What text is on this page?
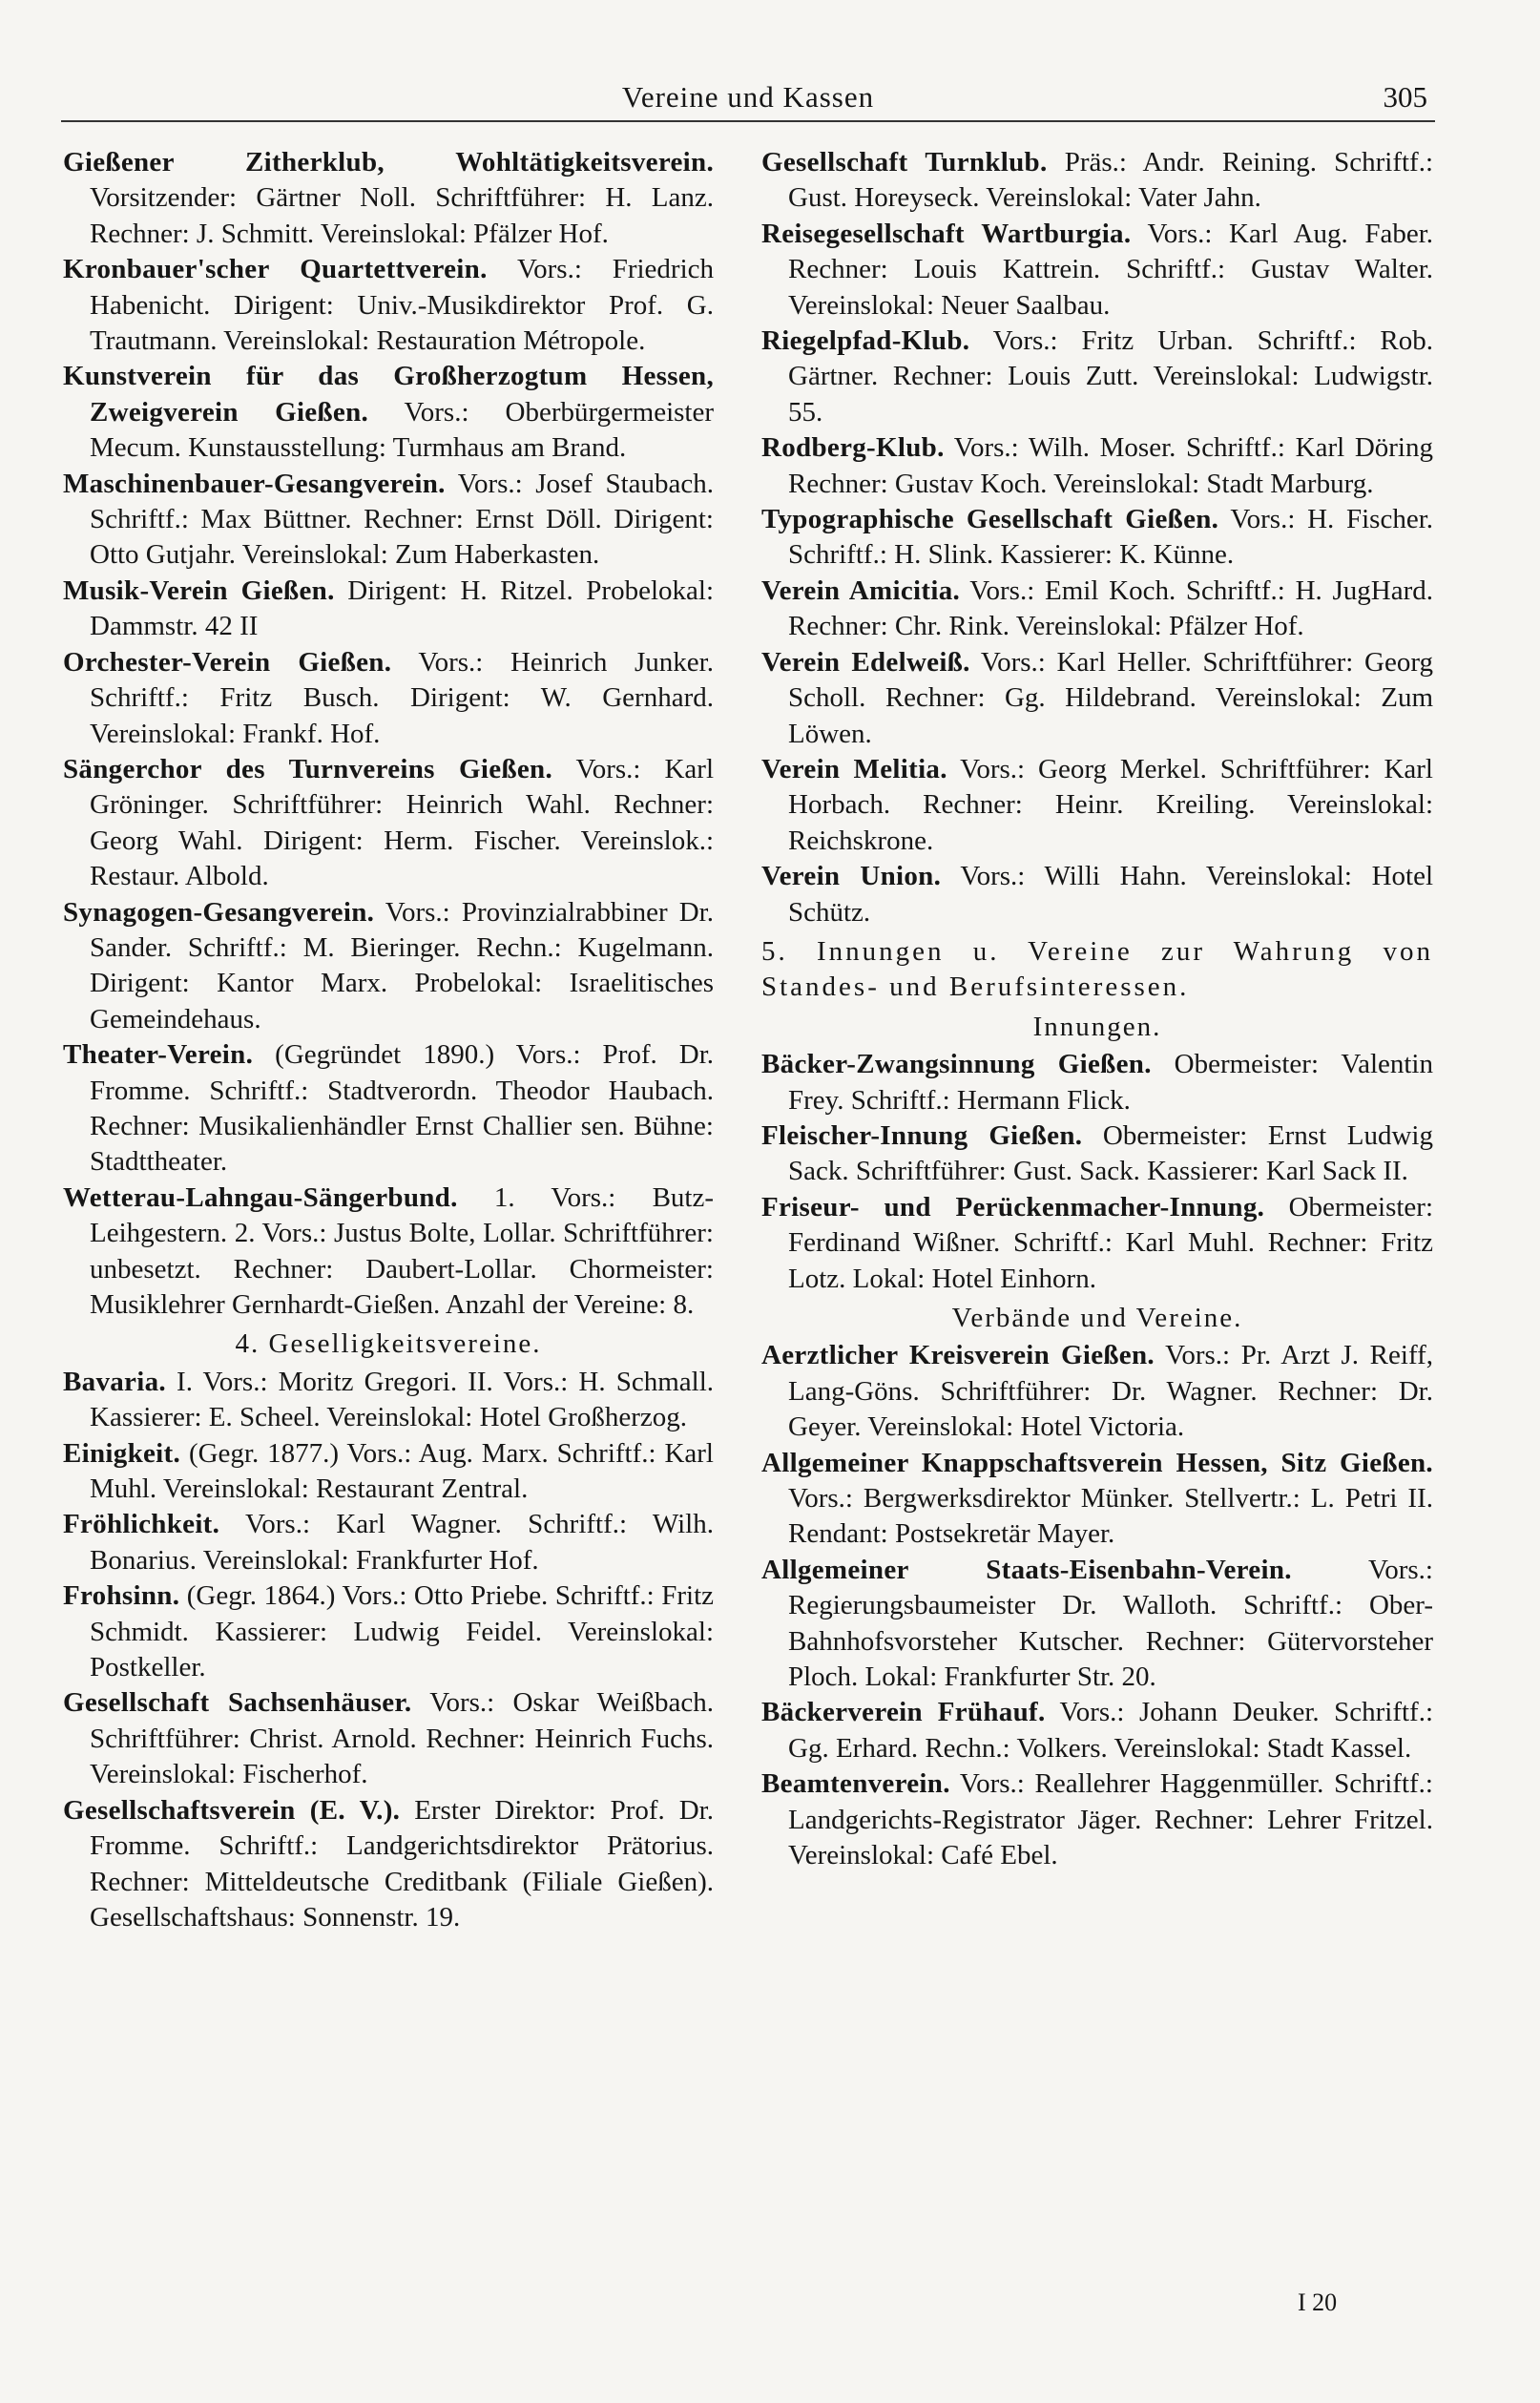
Vereine und Kassen	305

Gießener Zitherklub, Wohltätigkeitsverein. Vorsitzender: Gärtner Noll. Schriftführer: H. Lanz. Rechner: J. Schmitt. Vereinslokal: Pfälzer Hof.

Kronbauer'scher Quartettverein. Vors.: Friedrich Habenicht. Dirigent: Univ.-Musikdirektor Prof. G. Trautmann. Vereinslokal: Restauration Métropole.

Kunstverein für das Großherzogtum Hessen, Zweigverein Gießen. Vors.: Oberbürgermeister Mecum. Kunstausstellung: Turmhaus am Brand.

Maschinenbauer-Gesangverein. Vors.: Josef Staubach. Schriftf.: Max Büttner. Rechner: Ernst Döll. Dirigent: Otto Gutjahr. Vereinslokal: Zum Haberkasten.

Musik-Verein Gießen. Dirigent: H. Ritzel. Probelokal: Dammstr. 42 II

Orchester-Verein Gießen. Vors.: Heinrich Junker. Schriftf.: Fritz Busch. Dirigent: W. Gernhard. Vereinslokal: Frankf. Hof.

Sängerchor des Turnvereins Gießen. Vors.: Karl Gröninger. Schriftführer: Heinrich Wahl. Rechner: Georg Wahl. Dirigent: Herm. Fischer. Vereinslok.: Restaur. Albold.

Synagogen-Gesangverein. Vors.: Provinzialrabbiner Dr. Sander. Schriftf.: M. Bieringer. Rechn.: Kugelmann. Dirigent: Kantor Marx. Probelokal: Israelitisches Gemeindehaus.

Theater-Verein. (Gegründet 1890.) Vors.: Prof. Dr. Fromme. Schriftf.: Stadtverordn. Theodor Haubach. Rechner: Musikalienhändler Ernst Challier sen. Bühne: Stadttheater.

Wetterau-Lahngau-Sängerbund. 1. Vors.: Butz-Leihgestern. 2. Vors.: Justus Bolte, Lollar. Schriftführer: unbesetzt. Rechner: Daubert-Lollar. Chormeister: Musiklehrer Gernhardt-Gießen. Anzahl der Vereine: 8.

4. Geselligkeitsvereine.

Bavaria. I. Vors.: Moritz Gregori. II. Vors.: H. Schmall. Kassierer: E. Scheel. Vereinslokal: Hotel Großherzog.

Einigkeit. (Gegr. 1877.) Vors.: Aug. Marx. Schriftf.: Karl Muhl. Vereinslokal: Restaurant Zentral.

Fröhlichkeit. Vors.: Karl Wagner. Schriftf.: Wilh. Bonarius. Vereinslokal: Frankfurter Hof.

Frohsinn. (Gegr. 1864.) Vors.: Otto Priebe. Schriftf.: Fritz Schmidt. Kassierer: Ludwig Feidel. Vereinslokal: Postkeller.

Gesellschaft Sachsenhäuser. Vors.: Oskar Weißbach. Schriftführer: Christ. Arnold. Rechner: Heinrich Fuchs. Vereinslokal: Fischerhof.

Gesellschaftsverein (E. V.). Erster Direktor: Prof. Dr. Fromme. Schriftf.: Landgerichtsdirektor Prätorius. Rechner: Mitteldeutsche Creditbank (Filiale Gießen). Gesellschaftshaus: Sonnenstr. 19.

Gesellschaft Turnklub. Präs.: Andr. Reining. Schriftf.: Gust. Horeyseck. Vereinslokal: Vater Jahn.

Reisegesellschaft Wartburgia. Vors.: Karl Aug. Faber. Rechner: Louis Kattrein. Schriftf.: Gustav Walter. Vereinslokal: Neuer Saalbau.

Riegelpfad-Klub. Vors.: Fritz Urban. Schriftf.: Rob. Gärtner. Rechner: Louis Zutt. Vereinslokal: Ludwigstr. 55.

Rodberg-Klub. Vors.: Wilh. Moser. Schriftf.: Karl Döring Rechner: Gustav Koch. Vereinslokal: Stadt Marburg.

Typographische Gesellschaft Gießen. Vors.: H. Fischer. Schriftf.: H. Slink. Kassierer: K. Künne.

Verein Amicitia. Vors.: Emil Koch. Schriftf.: H. JugHard. Rechner: Chr. Rink. Vereinslokal: Pfälzer Hof.

Verein Edelweiß. Vors.: Karl Heller. Schriftführer: Georg Scholl. Rechner: Gg. Hildebrand. Vereinslokal: Zum Löwen.

Verein Melitia. Vors.: Georg Merkel. Schriftführer: Karl Horbach. Rechner: Heinr. Kreiling. Vereinslokal: Reichskrone.

Verein Union. Vors.: Willi Hahn. Vereinslokal: Hotel Schütz.

5. Innungen u. Vereine zur Wahrung von Standes- und Berufsinteressen.
Innungen.

Bäcker-Zwangsinnung Gießen. Obermeister: Valentin Frey. Schriftf.: Hermann Flick.

Fleischer-Innung Gießen. Obermeister: Ernst Ludwig Sack. Schriftführer: Gust. Sack. Kassierer: Karl Sack II.

Friseur- und Perückenmacher-Innung. Obermeister: Ferdinand Wißner. Schriftf.: Karl Muhl. Rechner: Fritz Lotz. Lokal: Hotel Einhorn.

Verbände und Vereine.

Aerztlicher Kreisverein Gießen. Vors.: Pr. Arzt J. Reiff, Lang-Göns. Schriftführer: Dr. Wagner. Rechner: Dr. Geyer. Vereinslokal: Hotel Victoria.

Allgemeiner Knappschaftsverein Hessen, Sitz Gießen. Vors.: Bergwerksdirektor Münker. Stellvertr.: L. Petri II. Rendant: Postsekretär Mayer.

Allgemeiner Staats-Eisenbahn-Verein.	Vors.: Regierungsbaumeister Dr. Walloth. Schriftf.: Ober-Bahnhofsvorsteher Kutscher. Rechner: Gütervorsteher Ploch. Lokal: Frankfurter Str. 20.

Bäckerverein Frühauf. Vors.: Johann Deuker. Schriftf.: Gg. Erhard. Rechn.: Volkers. Vereinslokal: Stadt Kassel.

Beamtenverein. Vors.: Reallehrer Haggenmüller. Schriftf.: Landgerichts-Registrator Jäger. Rechner: Lehrer Fritzel. Vereinslokal: Café Ebel.

I 20
